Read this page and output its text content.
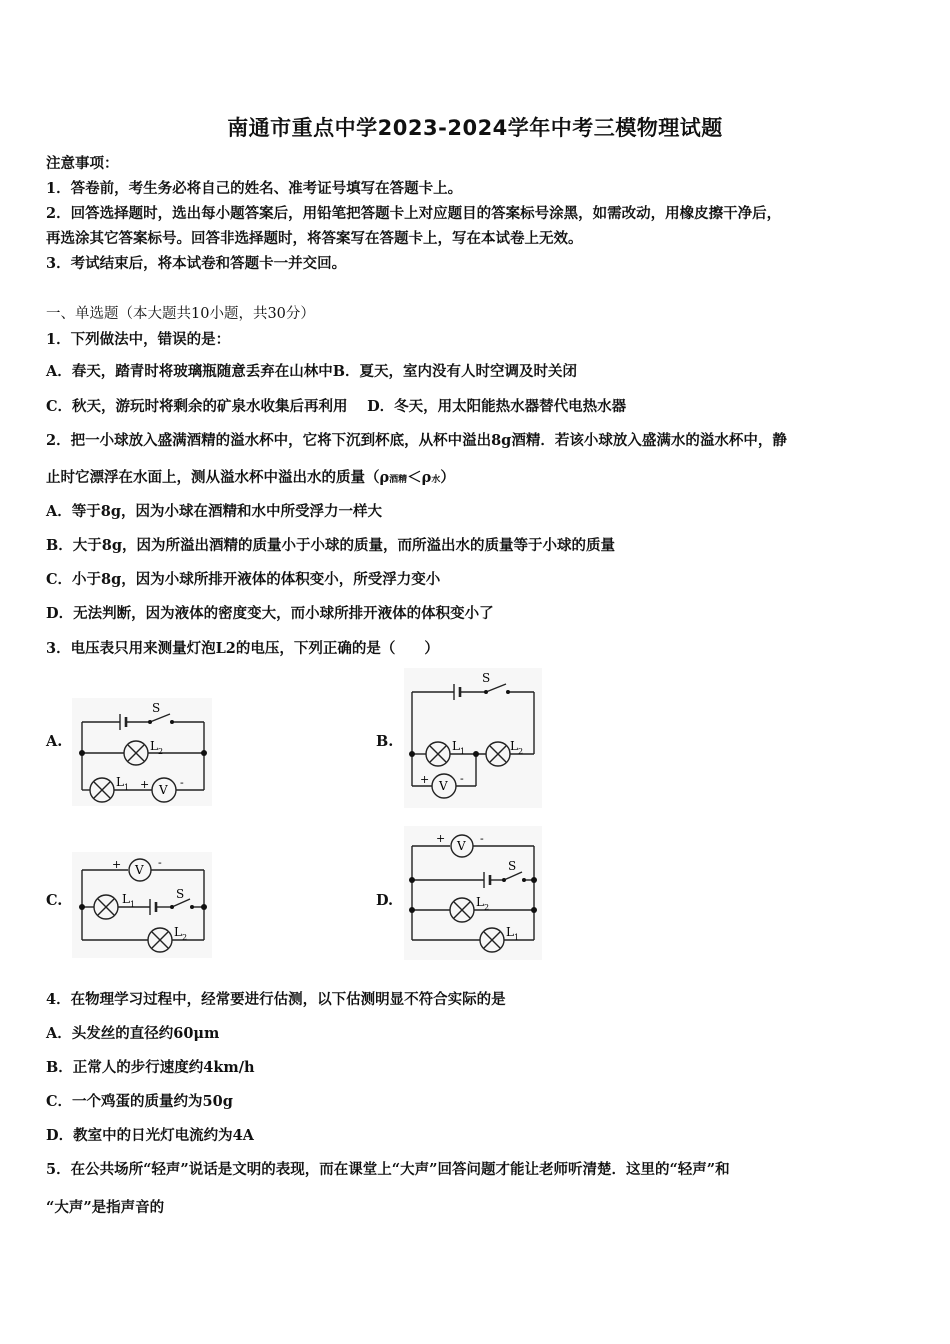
南通市重点中学2023-2024学年中考三模物理试题
注意事项：
1．答卷前，考生务必将自己的姓名、准考证号填写在答题卡上。
2．回答选择题时，选出每小题答案后，用铅笔把答题卡上对应题目的答案标号涂黑，如需改动，用橡皮擦干净后，
再选涂其它答案标号。回答非选择题时，将答案写在答题卡上，写在本试卷上无效。
3．考试结束后，将本试卷和答题卡一并交回。
一、单选题（本大题共10小题，共30分）
1．下列做法中，错误的是：
A．春天，踏青时将玻璃瓶随意丢弃在山林中B．夏天，室内没有人时空调及时关闭
C．秋天，游玩时将剩余的矿泉水收集后再利用　 D．冬天，用太阳能热水器替代电热水器
2．把一小球放入盛满酒精的溢水杯中，它将下沉到杯底，从杯中溢出8g酒精．若该小球放入盛满水的溢水杯中，静
止时它漂浮在水面上，测从溢水杯中溢出水的质量（ρ酒精＜ρ水）
A．等于8g，因为小球在酒精和水中所受浮力一样大
B．大于8g，因为所溢出酒精的质量小于小球的质量，而所溢出水的质量等于小球的质量
C．小于8g，因为小球所排开液体的体积变小，所受浮力变小
D．无法判断，因为液体的密度变大，而小球所排开液体的体积变小了
3．电压表只用来测量灯泡L2的电压，下列正确的是（　　）
A.	B.
C.	D.
S
L 2
L 1 + V
-
S
L 1	L 2
+ V
-
+ V
-
L 1
S
L 2
+
V
-
S
L 2
L 1
4．在物理学习过程中，经常要进行估测，以下估测明显不符合实际的是
A．头发丝的直径约60μm
B．正常人的步行速度约4km/h
C．一个鸡蛋的质量约为50g
D．教室中的日光灯电流约为4A
5．在公共场所“轻声”说话是文明的表现，而在课堂上“大声”回答问题才能让老师听清楚．这里的“轻声”和
“大声”是指声音的
